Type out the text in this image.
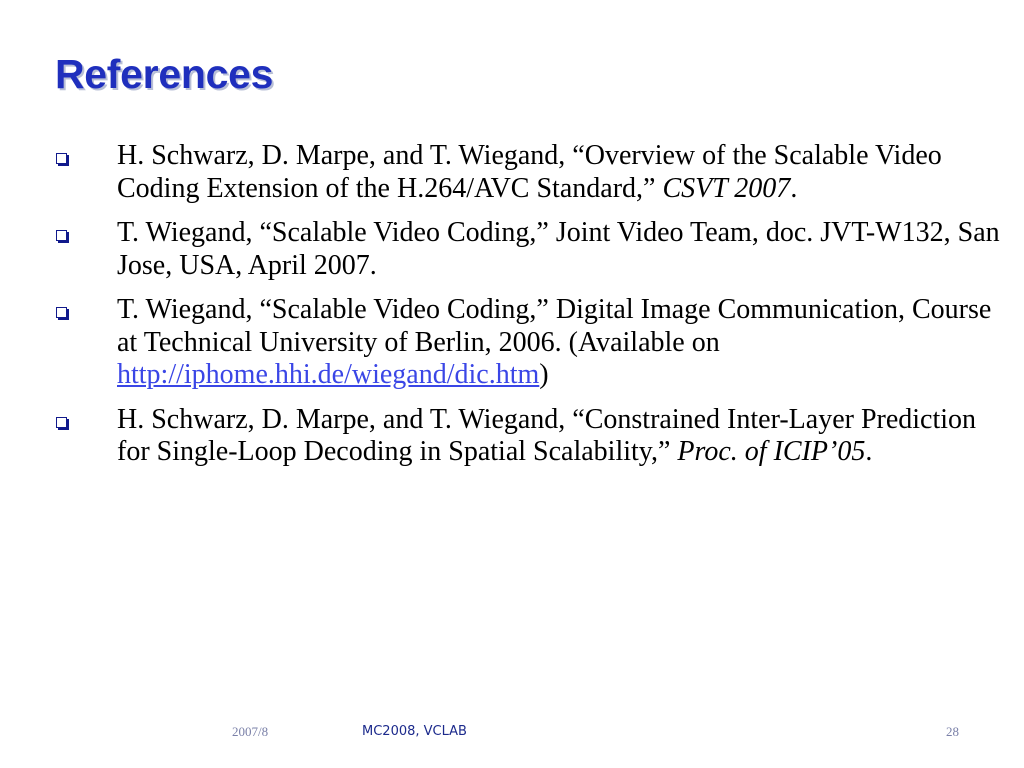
References
H. Schwarz, D. Marpe, and T. Wiegand, “Overview of the Scalable Video Coding Extension of the H.264/AVC Standard,” CSVT 2007.
T. Wiegand, “Scalable Video Coding,” Joint Video Team, doc. JVT-W132, San Jose, USA, April 2007.
T. Wiegand, “Scalable Video Coding,” Digital Image Communication, Course at Technical University of Berlin, 2006. (Available on http://iphome.hhi.de/wiegand/dic.htm)
H. Schwarz, D. Marpe, and T. Wiegand, “Constrained Inter-Layer Prediction for Single-Loop Decoding in Spatial Scalability,” Proc. of ICIP’05.
2007/8	MC2008, VCLAB	28
